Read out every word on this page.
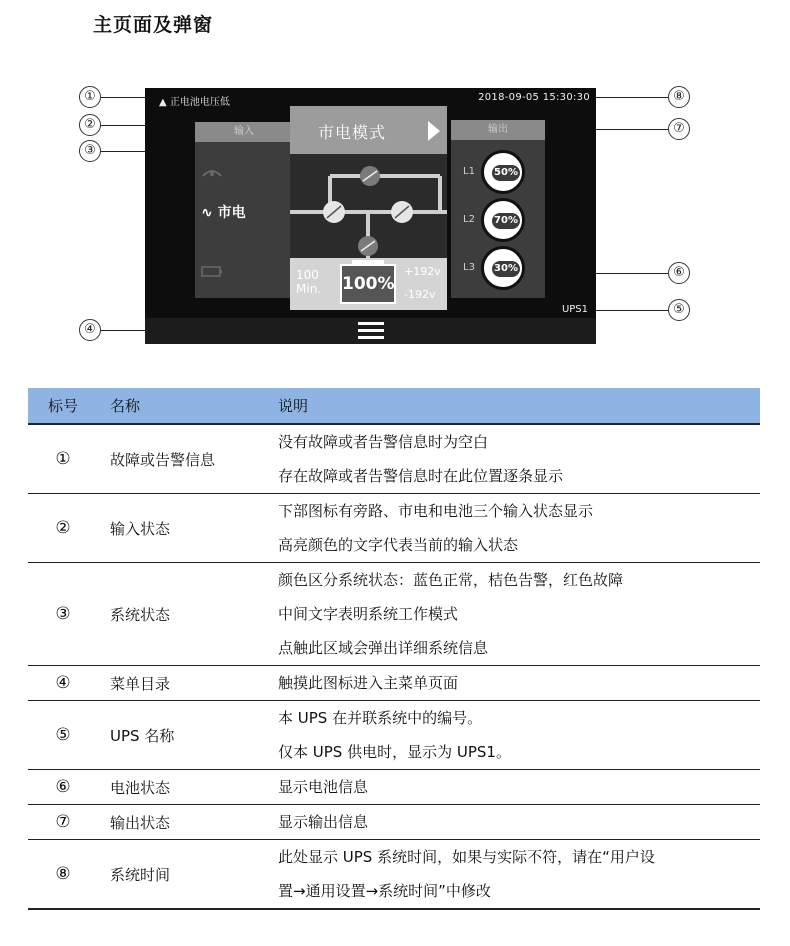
主页面及弹窗
▲ 正电池电压低	2018-09-05 15:30:30
输入
∿ 市电
市电模式
100
Min. 100%
+192v
-192v
输出
L1 50%
L2 70%
L3 30%
UPS1
①
②
③
④
⑤
⑥
⑦
⑧
标号	名称	说明
①	故障或告警信息	没有故障或者告警信息时为空白
存在故障或者告警信息时在此位置逐条显示

②	输入状态	下部图标有旁路、市电和电池三个输入状态显示
高亮颜色的文字代表当前的输入状态

③	系统状态	颜色区分系统状态：蓝色正常，桔色告警，红色故障
中间文字表明系统工作模式
点触此区域会弹出详细系统信息

④	菜单目录	触摸此图标进入主菜单页面

⑤	UPS 名称	本 UPS 在并联系统中的编号。
仅本 UPS 供电时，显示为 UPS1。

⑥	电池状态	显示电池信息

⑦	输出状态	显示输出信息

⑧	系统时间	此处显示 UPS 系统时间，如果与实际不符，请在“用户设
置→通用设置→系统时间”中修改
